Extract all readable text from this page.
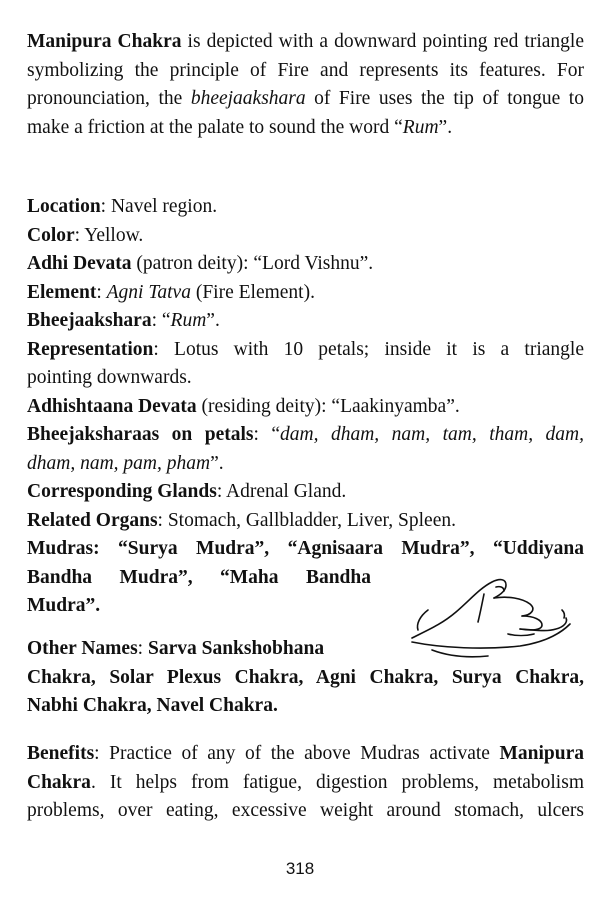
Manipura Chakra is depicted with a downward pointing red triangle symbolizing the principle of Fire and represents its features. For pronounciation, the bheejaakshara of Fire uses the tip of tongue to make a friction at the palate to sound the word “Rum”.
Location: Navel region.
Color: Yellow.
Adhi Devata (patron deity): “Lord Vishnu”.
Element: Agni Tatva (Fire Element).
Bheejaakshara: “Rum”.
Representation: Lotus with 10 petals; inside it is a triangle
pointing downwards.
Adhishtaana Devata (residing deity): “Laakinyamba”.
Bheejaksharaas on petals: “dam, dham, nam, tam, tham, dam,
dham, nam, pam, pham”.
Corresponding Glands: Adrenal Gland.
Related Organs: Stomach, Gallbladder, Liver, Spleen.
Mudras: “Surya Mudra”, “Agnisaara Mudra”, “Uddiyana
Bandha Mudra”, “Maha Bandha
Mudra”.
Other Names: Sarva Sankshobhana
Chakra, Solar Plexus Chakra, Agni Chakra, Surya Chakra,
Nabhi Chakra, Navel Chakra.
Benefits: Practice of any of the above Mudras activate Manipura
Chakra. It helps from fatigue, digestion problems, metabolism
problems, over eating, excessive weight around stomach, ulcers
318
